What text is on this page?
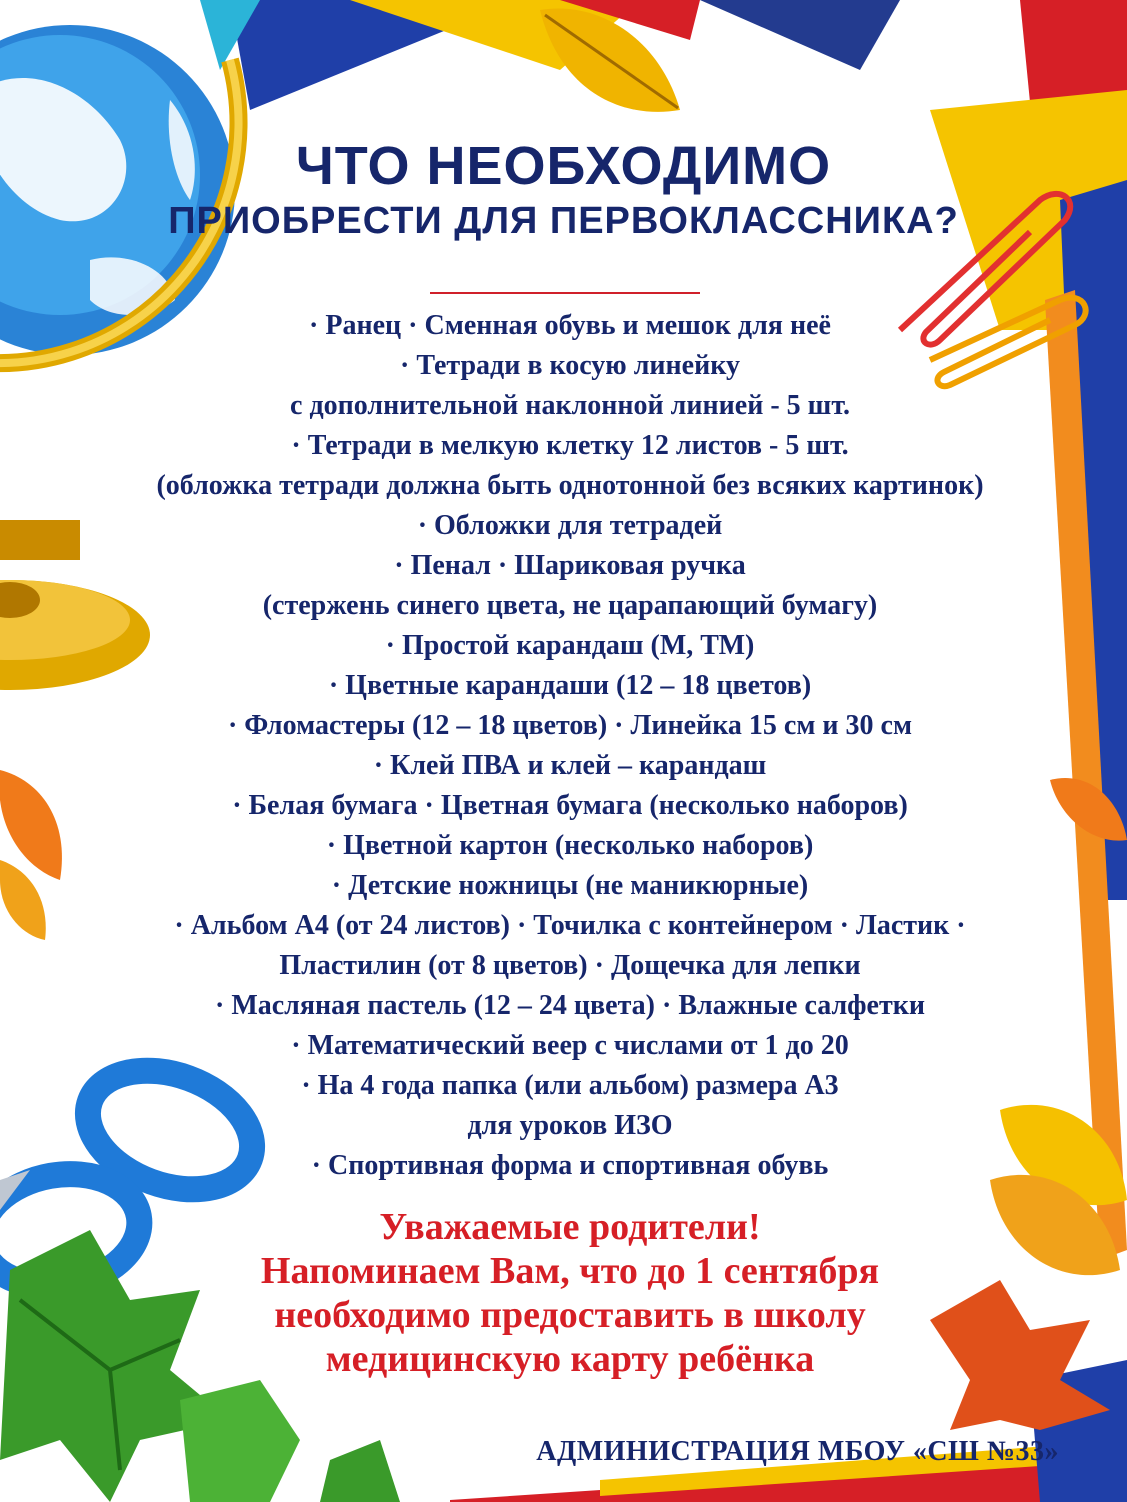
ЧТО НЕОБХОДИМО
ПРИОБРЕСТИ ДЛЯ ПЕРВОКЛАССНИКА?
· Ранец · Сменная обувь и мешок для неё
· Тетради в косую линейку
с дополнительной наклонной линией - 5 шт.
· Тетради в мелкую клетку 12 листов - 5 шт.
(обложка тетради должна быть однотонной без всяких картинок)
· Обложки для тетрадей
· Пенал · Шариковая ручка
(стержень синего цвета, не царапающий бумагу)
· Простой карандаш (М, ТМ)
· Цветные карандаши (12 – 18 цветов)
· Фломастеры (12 – 18 цветов) · Линейка 15 см и 30 см
· Клей ПВА и клей – карандаш
· Белая бумага · Цветная бумага (несколько наборов)
· Цветной картон (несколько наборов)
· Детские ножницы (не маникюрные)
· Альбом А4 (от 24 листов) · Точилка с контейнером · Ластик ·
Пластилин (от 8 цветов) · Дощечка для лепки
· Масляная пастель (12 – 24 цвета) · Влажные салфетки
· Математический веер с числами от 1 до 20
· На 4 года папка (или альбом) размера А3
для уроков ИЗО
· Спортивная форма и спортивная обувь
Уважаемые родители!
Напоминаем Вам, что до 1 сентября
необходимо предоставить в школу
медицинскую карту ребёнка
АДМИНИСТРАЦИЯ МБОУ «СШ №33»
